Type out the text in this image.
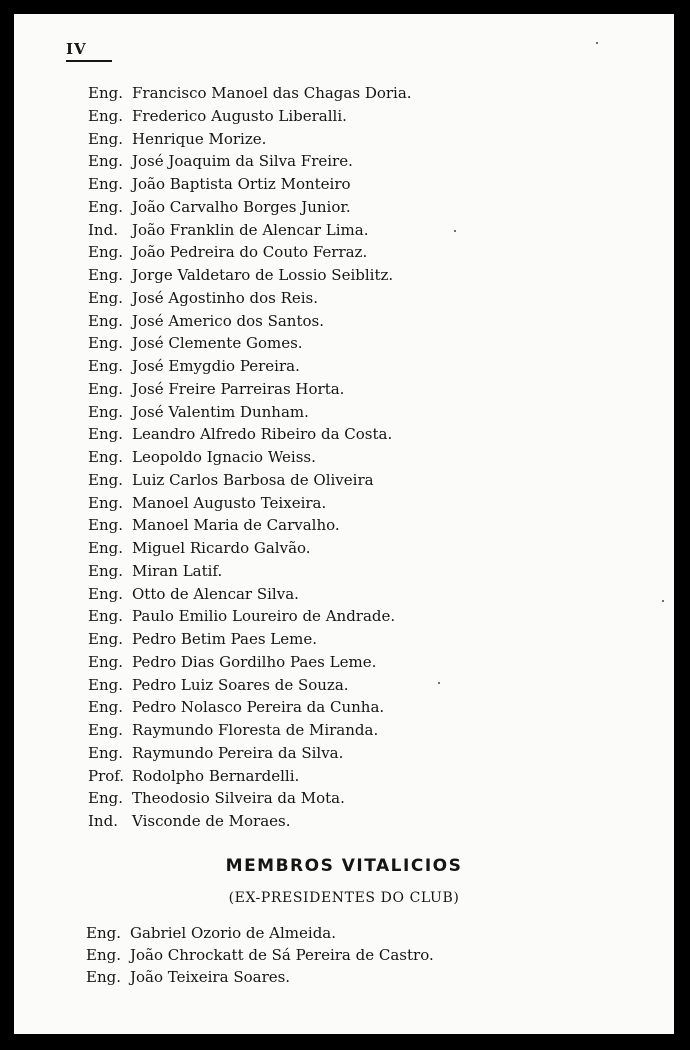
IV
Eng. Francisco Manoel das Chagas Doria.
Eng. Frederico Augusto Liberalli.
Eng. Henrique Morize.
Eng. José Joaquim da Silva Freire.
Eng. João Baptista Ortiz Monteiro
Eng. João Carvalho Borges Junior.
Ind. João Franklin de Alencar Lima.
Eng. João Pedreira do Couto Ferraz.
Eng. Jorge Valdetaro de Lossio Seiblitz.
Eng. José Agostinho dos Reis.
Eng. José Americo dos Santos.
Eng. José Clemente Gomes.
Eng. José Emygdio Pereira.
Eng. José Freire Parreiras Horta.
Eng. José Valentim Dunham.
Eng. Leandro Alfredo Ribeiro da Costa.
Eng. Leopoldo Ignacio Weiss.
Eng. Luiz Carlos Barbosa de Oliveira
Eng. Manoel Augusto Teixeira.
Eng. Manoel Maria de Carvalho.
Eng. Miguel Ricardo Galvão.
Eng. Miran Latif.
Eng. Otto de Alencar Silva.
Eng. Paulo Emilio Loureiro de Andrade.
Eng. Pedro Betim Paes Leme.
Eng. Pedro Dias Gordilho Paes Leme.
Eng. Pedro Luiz Soares de Souza.
Eng. Pedro Nolasco Pereira da Cunha.
Eng. Raymundo Floresta de Miranda.
Eng. Raymundo Pereira da Silva.
Prof. Rodolpho Bernardelli.
Eng. Theodosio Silveira da Mota.
Ind. Visconde de Moraes.
MEMBROS VITALICIOS
(EX-PRESIDENTES DO CLUB)
Eng. Gabriel Ozorio de Almeida.
Eng. João Chrockatt de Sá Pereira de Castro.
Eng. João Teixeira Soares.
